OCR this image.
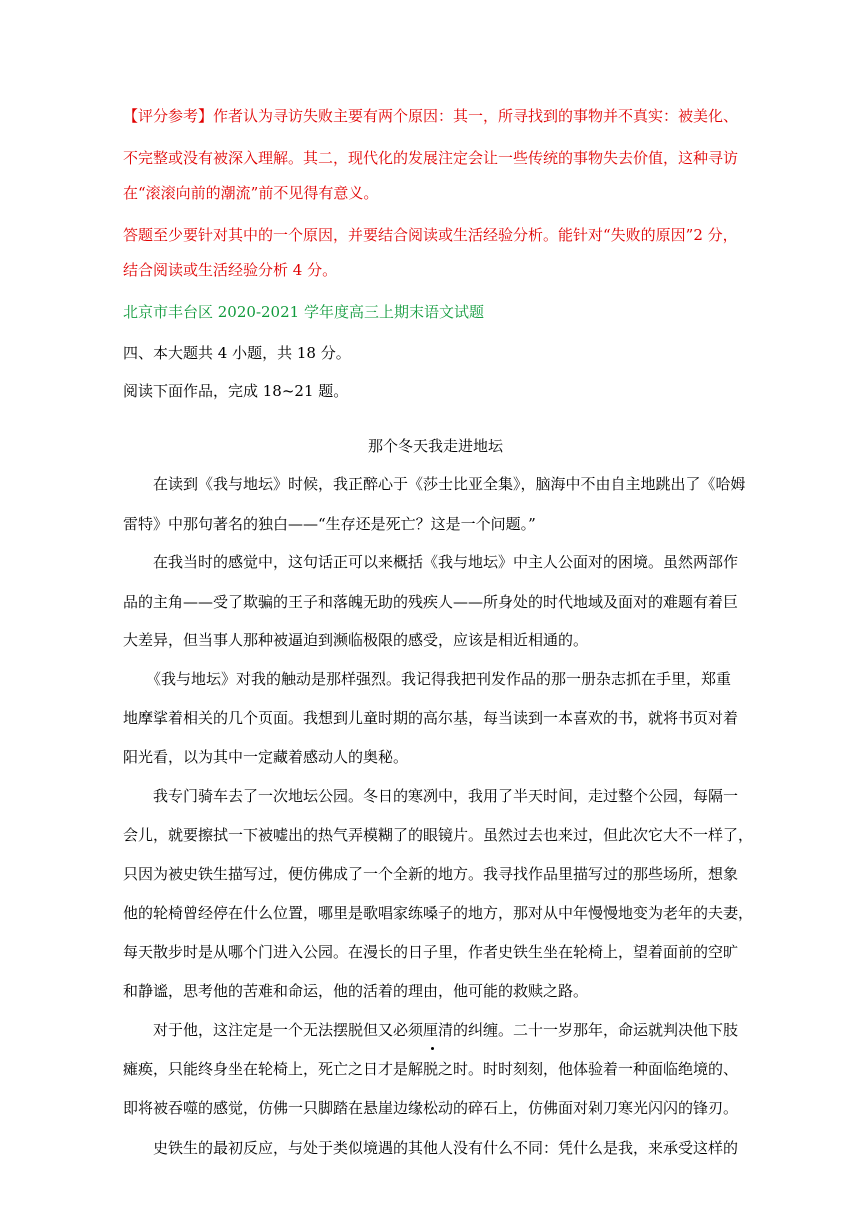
【评分参考】作者认为寻访失败主要有两个原因：其一，所寻找到的事物并不真实：被美化、
不完整或没有被深入理解。其二，现代化的发展注定会让一些传统的事物失去价值，这种寻访
在“滚滚向前的潮流”前不见得有意义。
答题至少要针对其中的一个原因，并要结合阅读或生活经验分析。能针对“失败的原因”2 分，
结合阅读或生活经验分析 4 分。
北京市丰台区 2020-2021 学年度高三上期末语文试题
四、本大题共 4 小题，共 18 分。
阅读下面作品，完成 18~21 题。
那个冬天我走进地坛
在读到《我与地坛》时候，我正醉心于《莎士比亚全集》，脑海中不由自主地跳出了《哈姆
雷特》中那句著名的独白——“生存还是死亡？这是一个问题。”
在我当时的感觉中，这句话正可以来概括《我与地坛》中主人公面对的困境。虽然两部作
品的主角——受了欺骗的王子和落魄无助的残疾人——所身处的时代地域及面对的难题有着巨
大差异，但当事人那种被逼迫到濒临极限的感受，应该是相近相通的。
《我与地坛》对我的触动是那样强烈。我记得我把刊发作品的那一册杂志抓在手里，郑重
地摩挲着相关的几个页面。我想到儿童时期的高尔基，每当读到一本喜欢的书，就将书页对着
阳光看，以为其中一定藏着感动人的奥秘。
我专门骑车去了一次地坛公园。冬日的寒冽中，我用了半天时间，走过整个公园，每隔一
会儿，就要擦拭一下被嘘出的热气弄模糊了的眼镜片。虽然过去也来过，但此次它大不一样了，
只因为被史铁生描写过，便仿佛成了一个全新的地方。我寻找作品里描写过的那些场所，想象
他的轮椅曾经停在什么位置，哪里是歌唱家练嗓子的地方，那对从中年慢慢地变为老年的夫妻，
每天散步时是从哪个门进入公园。在漫长的日子里，作者史铁生坐在轮椅上，望着面前的空旷
和静谧，思考他的苦难和命运，他的活着的理由，他可能的救赎之路。
对于他，这注定是一个无法摆脱但又必须厘清的纠缠。二十一岁那年，命运就判决他下肢
瘫痪，只能终身坐在轮椅上，死亡之日才是解脱之时。时时刻刻，他体验着一种面临绝境的、
即将被吞噬的感觉，仿佛一只脚踏在悬崖边缘松动的碎石上，仿佛面对剁刀寒光闪闪的锋刃。
史铁生的最初反应，与处于类似境遇的其他人没有什么不同：凭什么是我，来承受这样的
